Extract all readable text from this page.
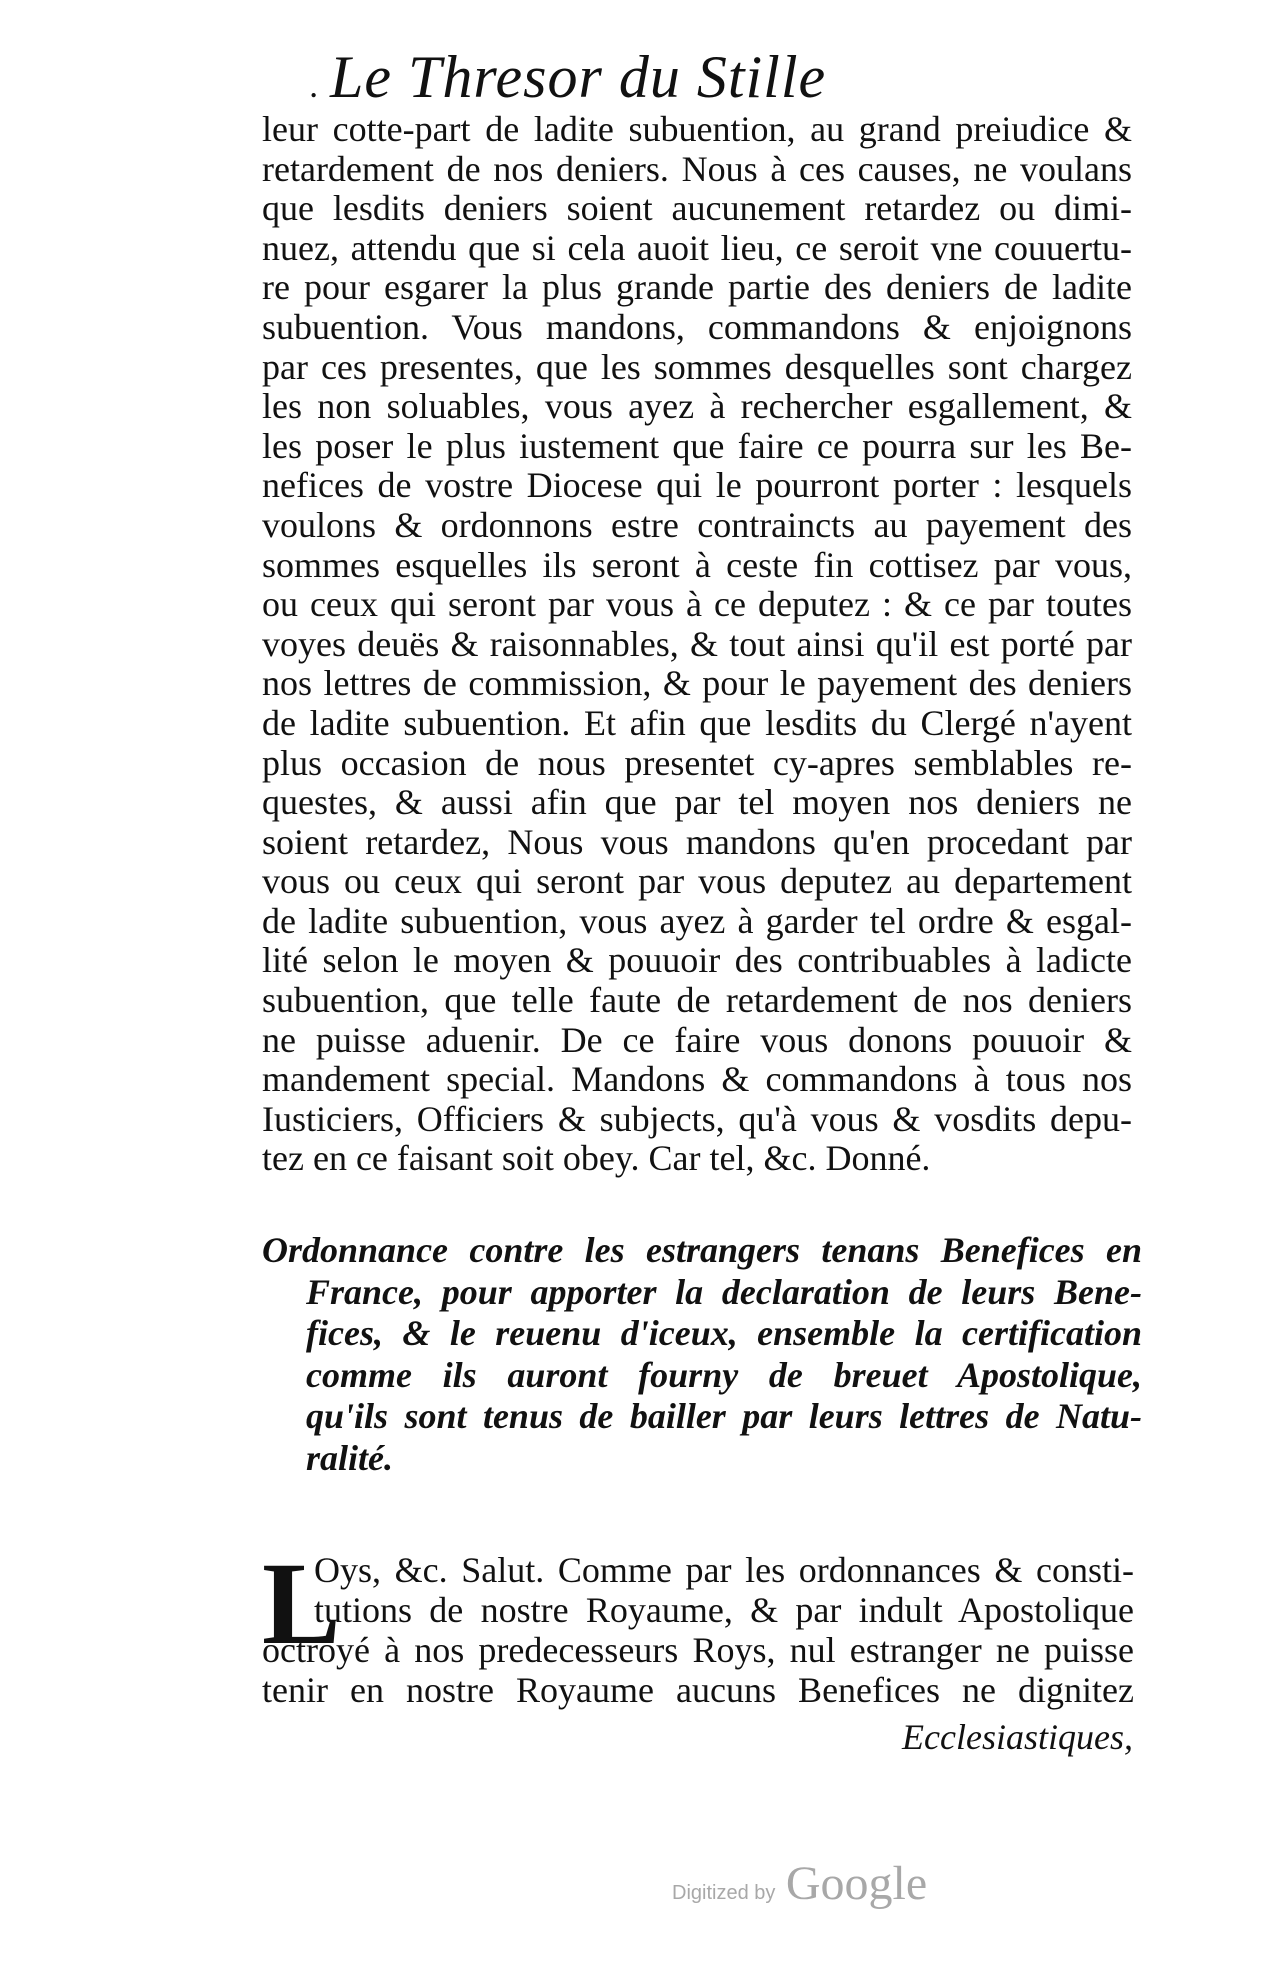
. Le Thresor du Stille
leur cotte-part de ladite subuention, au grand preiudice &
retardement de nos deniers. Nous à ces causes, ne voulans
que lesdits deniers soient aucunement retardez ou dimi-
nuez, attendu que si cela auoit lieu, ce seroit vne couuertu-
re pour esgarer la plus grande partie des deniers de ladite
subuention. Vous mandons, commandons & enjoignons
par ces presentes, que les sommes desquelles sont chargez
les non soluables, vous ayez à rechercher esgallement, &
les poser le plus iustement que faire ce pourra sur les Be-
nefices de vostre Diocese qui le pourront porter : lesquels
voulons & ordonnons estre contraincts au payement des
sommes esquelles ils seront à ceste fin cottisez par vous,
ou ceux qui seront par vous à ce deputez : & ce par toutes
voyes deuës & raisonnables, & tout ainsi qu'il est porté par
nos lettres de commission, & pour le payement des deniers
de ladite subuention. Et afin que lesdits du Clergé n'ayent
plus occasion de nous presentet cy-apres semblables re-
questes, & aussi afin que par tel moyen nos deniers ne
soient retardez, Nous vous mandons qu'en procedant par
vous ou ceux qui seront par vous deputez au departement
de ladite subuention, vous ayez à garder tel ordre & esgal-
lité selon le moyen & pouuoir des contribuables à ladicte
subuention, que telle faute de retardement de nos deniers
ne puisse aduenir. De ce faire vous donons pouuoir &
mandement special. Mandons & commandons à tous nos
Iusticiers, Officiers & subjects, qu'à vous & vosdits depu-
tez en ce faisant soit obey. Car tel, &c. Donné.
Ordonnance contre les estrangers tenans Benefices en
France, pour apporter la declaration de leurs Bene-
fices, & le reuenu d'iceux, ensemble la certification
comme ils auront fourny de breuet Apostolique,
qu'ils sont tenus de bailler par leurs lettres de Natu-
ralité.
L
Oys, &c. Salut. Comme par les ordonnances & consti-
tutions de nostre Royaume, & par indult Apostolique
octroyé à nos predecesseurs Roys, nul estranger ne puisse
tenir en nostre Royaume aucuns Benefices ne dignitez
Ecclesiastiques,
Digitized by Google
